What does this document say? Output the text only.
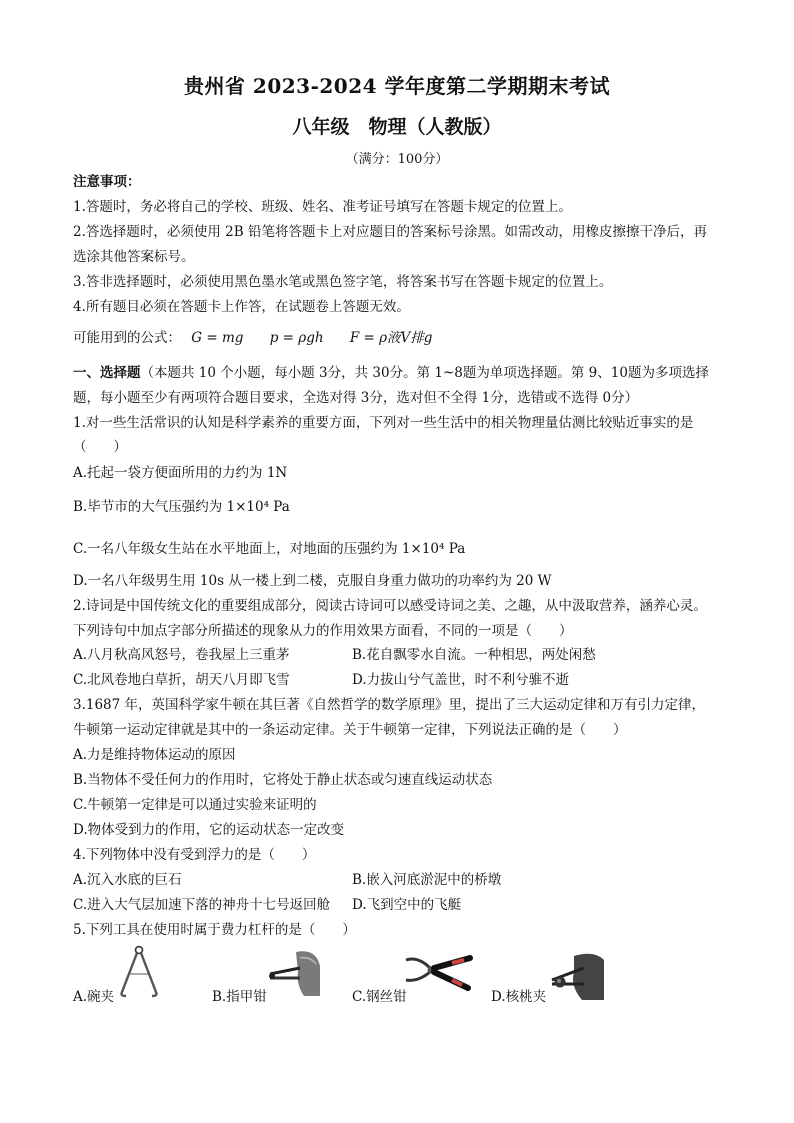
贵州省 2023-2024 学年度第二学期期末考试
八年级　物理（人教版）
（满分：100分）
注意事项：
1.答题时，务必将自己的学校、班级、姓名、准考证号填写在答题卡规定的位置上。
2.答选择题时，必须使用 2B 铅笔将答题卡上对应题目的答案标号涂黑。如需改动，用橡皮擦擦干净后，再
选涂其他答案标号。
3.答非选择题时，必须使用黑色墨水笔或黑色签字笔，将答案书写在答题卡规定的位置上。
4.所有题目必须在答题卡上作答，在试题卷上答题无效。
可能用到的公式： G = mg p = ρgh F = ρ液V排g
一、选择题（本题共 10 个小题，每小题 3分，共 30分。第 1~8题为单项选择题。第 9、10题为多项选择
题，每小题至少有两项符合题目要求，全选对得 3分，选对但不全得 1分，选错或不选得 0分）
1.对一些生活常识的认知是科学素养的重要方面，下列对一些生活中的相关物理量估测比较贴近事实的是
（　　）
A.托起一袋方便面所用的力约为 1N
B.毕节市的大气压强约为 1×10⁴ Pa
C.一名八年级女生站在水平地面上，对地面的压强约为 1×10⁴ Pa
D.一名八年级男生用 10s 从一楼上到二楼，克服自身重力做功的功率约为 20 W
2.诗词是中国传统文化的重要组成部分，阅读古诗词可以感受诗词之美、之趣，从中汲取营养，涵养心灵。
下列诗句中加点字部分所描述的现象从力的作用效果方面看，不同的一项是（　　）
A.八月秋高风怒号，卷我屋上三重茅	B.花自飘零水自流。一种相思，两处闲愁
C.北风卷地白草折，胡天八月即飞雪	D.力拔山兮气盖世，时不利兮骓不逝
3.1687 年，英国科学家牛顿在其巨著《自然哲学的数学原理》里，提出了三大运动定律和万有引力定律，
牛顿第一运动定律就是其中的一条运动定律。关于牛顿第一定律，下列说法正确的是（　　）
A.力是维持物体运动的原因
B.当物体不受任何力的作用时，它将处于静止状态或匀速直线运动状态
C.牛顿第一定律是可以通过实验来证明的
D.物体受到力的作用，它的运动状态一定改变
4.下列物体中没有受到浮力的是（　　）
A.沉入水底的巨石	B.嵌入河底淤泥中的桥墩
C.进入大气层加速下落的神舟十七号返回舱 D.飞到空中的飞艇
5.下列工具在使用时属于费力杠杆的是（　　）
A.碗夹	B.指甲钳	C.钢丝钳	D.核桃夹
